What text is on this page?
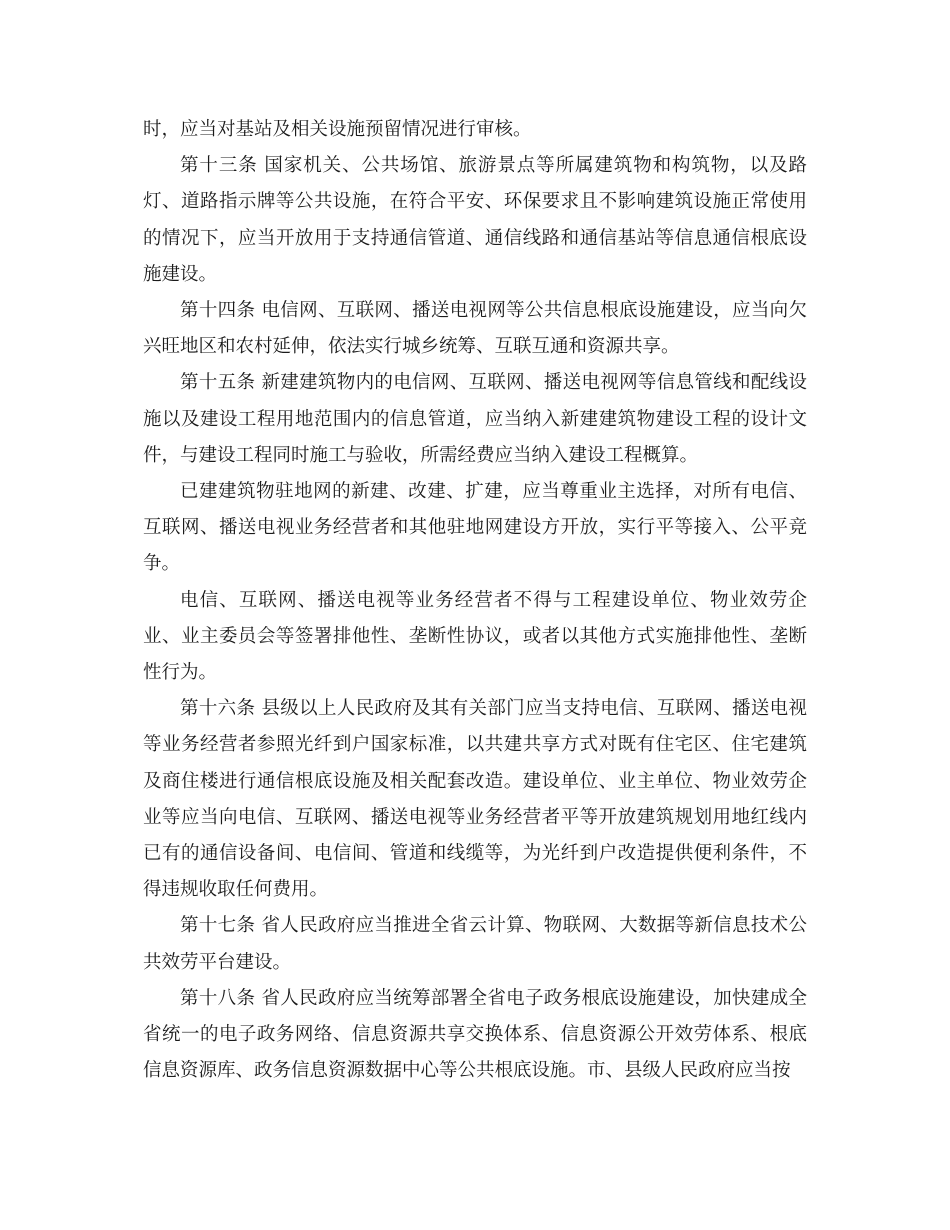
时，应当对基站及相关设施预留情况进行审核。

第十三条 国家机关、公共场馆、旅游景点等所属建筑物和构筑物，以及路灯、道路指示牌等公共设施，在符合平安、环保要求且不影响建筑设施正常使用的情况下，应当开放用于支持通信管道、通信线路和通信基站等信息通信根底设施建设。

第十四条 电信网、互联网、播送电视网等公共信息根底设施建设，应当向欠兴旺地区和农村延伸，依法实行城乡统筹、互联互通和资源共享。

第十五条 新建建筑物内的电信网、互联网、播送电视网等信息管线和配线设施以及建设工程用地范围内的信息管道，应当纳入新建建筑物建设工程的设计文件，与建设工程同时施工与验收，所需经费应当纳入建设工程概算。

已建建筑物驻地网的新建、改建、扩建，应当尊重业主选择，对所有电信、互联网、播送电视业务经营者和其他驻地网建设方开放，实行平等接入、公平竞争。

电信、互联网、播送电视等业务经营者不得与工程建设单位、物业效劳企业、业主委员会等签署排他性、垄断性协议，或者以其他方式实施排他性、垄断性行为。

第十六条 县级以上人民政府及其有关部门应当支持电信、互联网、播送电视等业务经营者参照光纤到户国家标准，以共建共享方式对既有住宅区、住宅建筑及商住楼进行通信根底设施及相关配套改造。建设单位、业主单位、物业效劳企业等应当向电信、互联网、播送电视等业务经营者平等开放建筑规划用地红线内已有的通信设备间、电信间、管道和线缆等，为光纤到户改造提供便利条件，不得违规收取任何费用。

第十七条 省人民政府应当推进全省云计算、物联网、大数据等新信息技术公共效劳平台建设。

第十八条 省人民政府应当统筹部署全省电子政务根底设施建设，加快建成全省统一的电子政务网络、信息资源共享交换体系、信息资源公开效劳体系、根底信息资源库、政务信息资源数据中心等公共根底设施。市、县级人民政府应当按
